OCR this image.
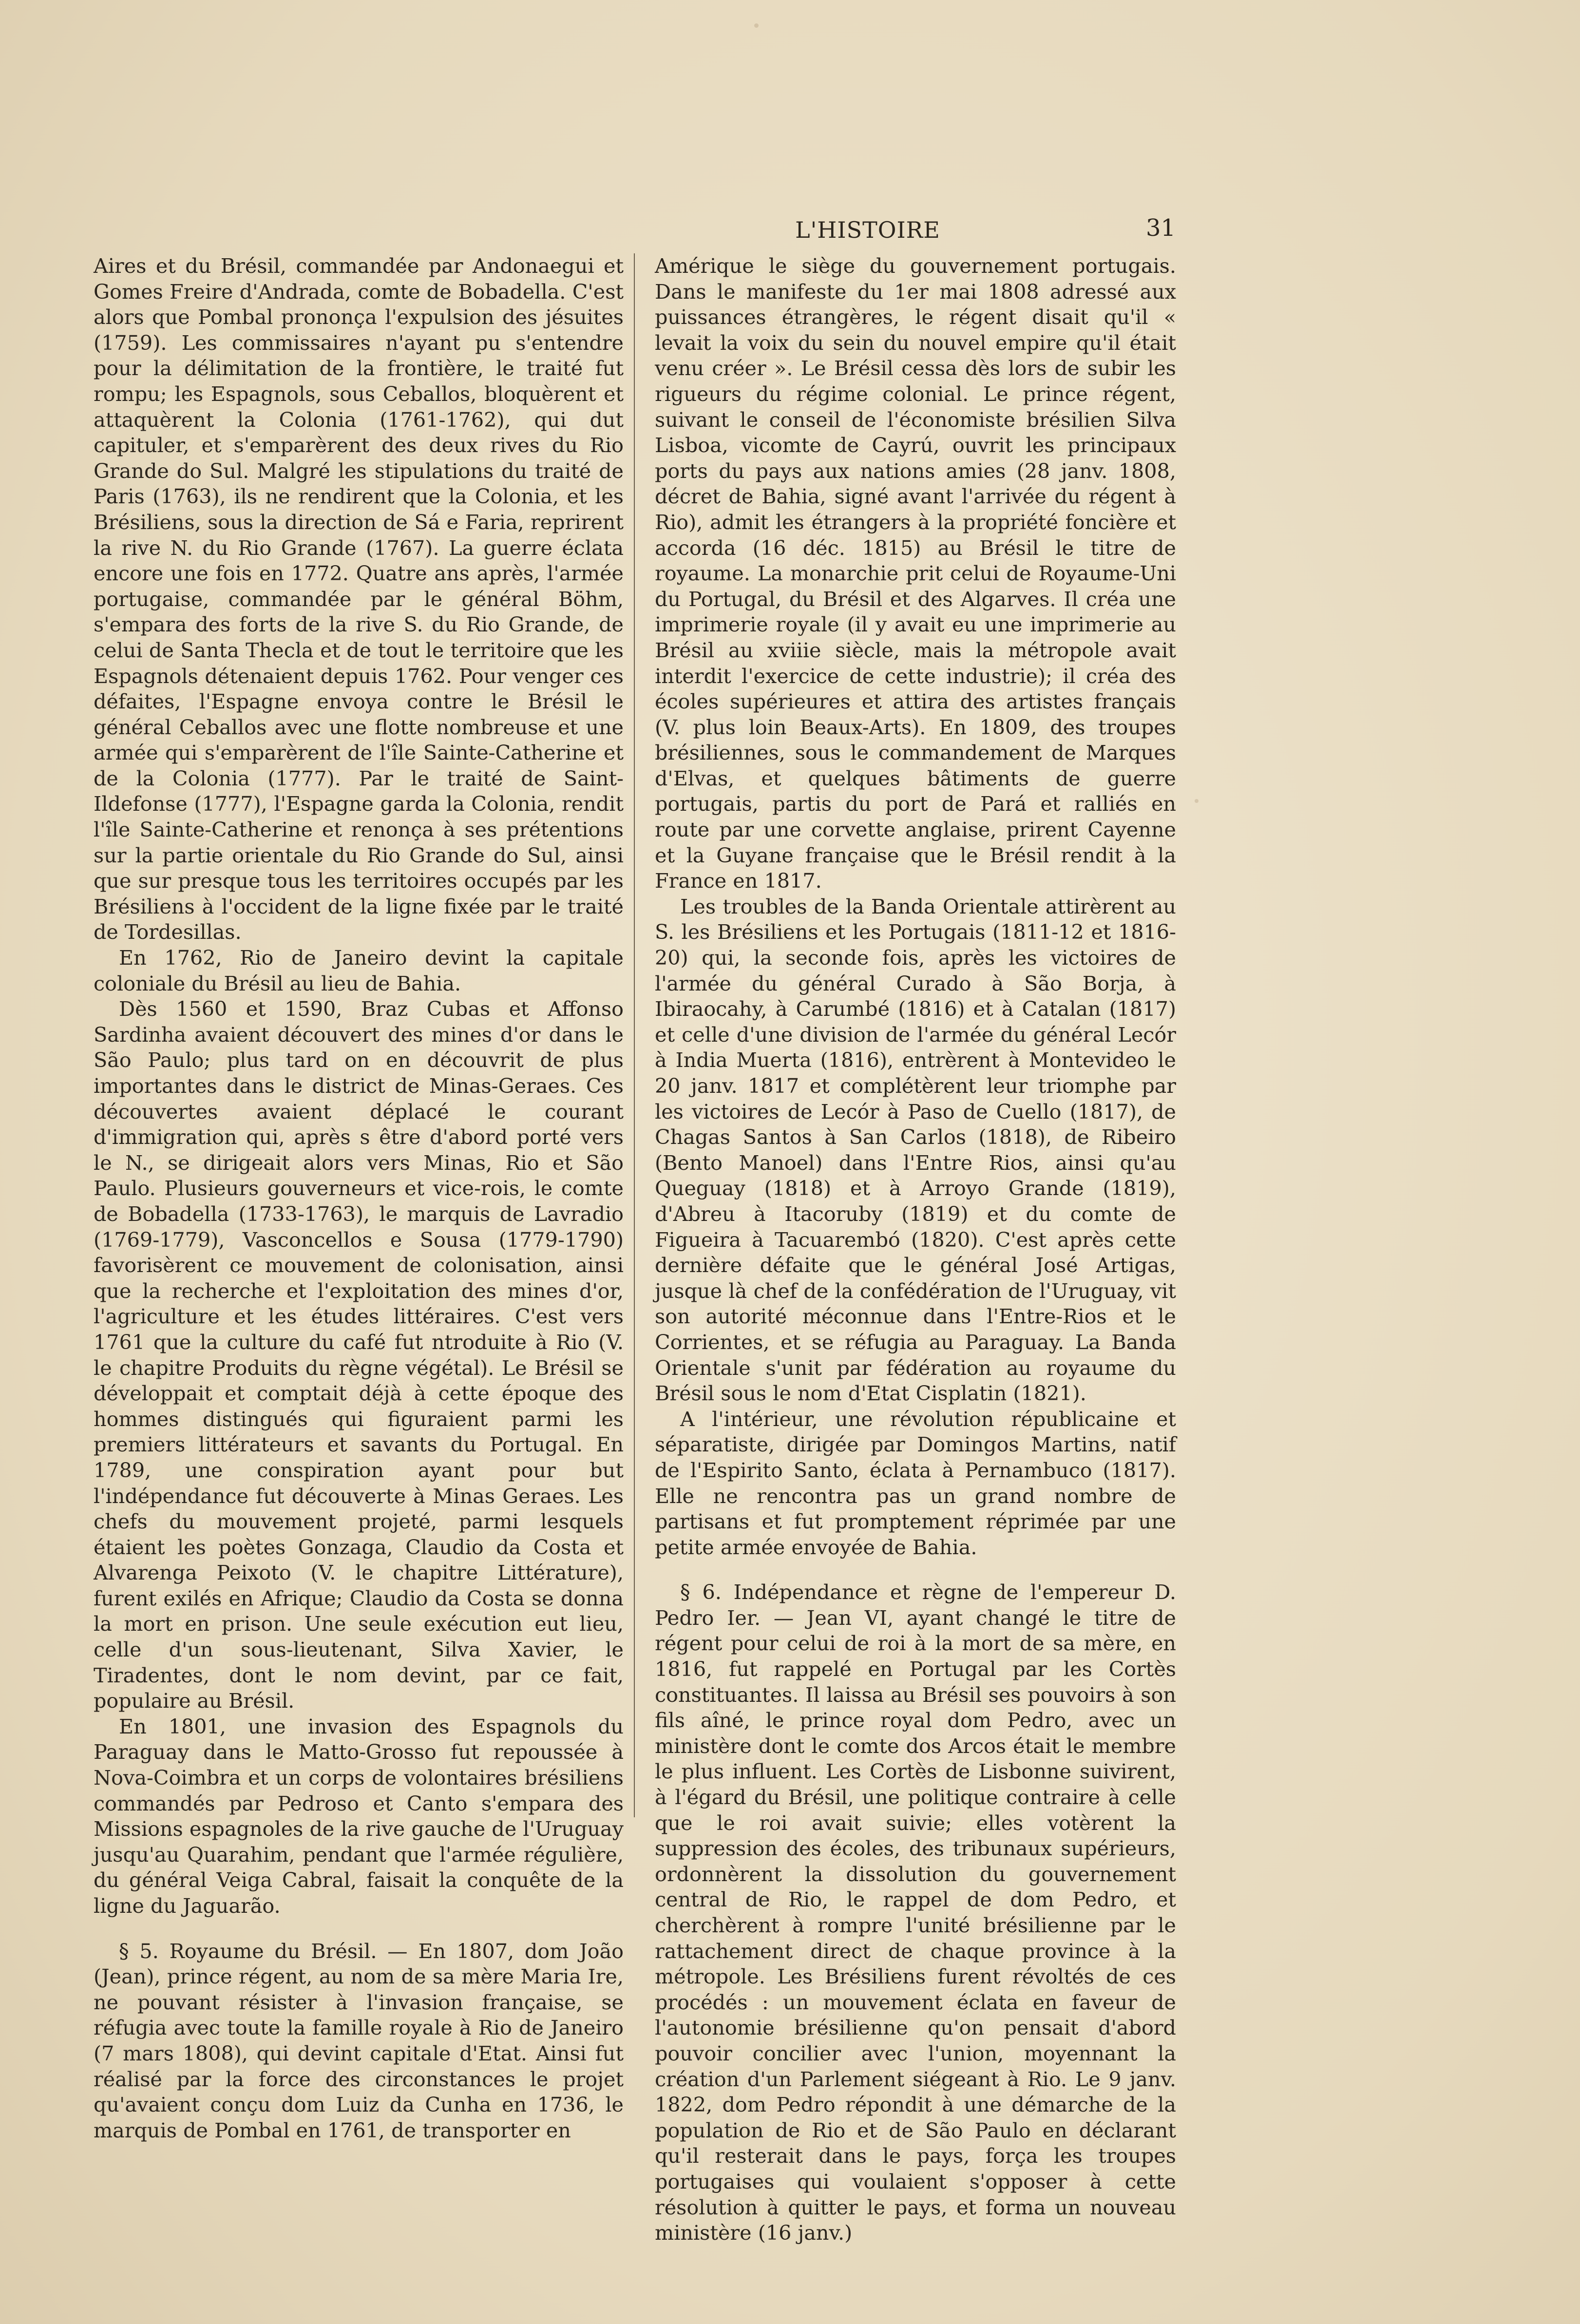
L'HISTOIRE	31

Aires et du Brésil, commandée par Andonaegui et Gomes Freire d'Andrada, comte de Bobadella. C'est alors que Pombal prononça l'expulsion des jésuites (1759). Les commissaires n'ayant pu s'entendre pour la délimitation de la frontière, le traité fut rompu; les Espagnols, sous Ceballos, bloquèrent et attaquèrent la Colonia (1761-1762), qui dut capituler, et s'emparèrent des deux rives du Rio Grande do Sul. Malgré les stipulations du traité de Paris (1763), ils ne rendirent que la Colonia, et les Brésiliens, sous la direction de Sá e Faria, reprirent la rive N. du Rio Grande (1767). La guerre éclata encore une fois en 1772. Quatre ans après, l'armée portugaise, commandée par le général Böhm, s'empara des forts de la rive S. du Rio Grande, de celui de Santa Thecla et de tout le territoire que les Espagnols détenaient depuis 1762. Pour venger ces défaites, l'Espagne envoya contre le Brésil le général Ceballos avec une flotte nombreuse et une armée qui s'emparèrent de l'île Sainte-Catherine et de la Colonia (1777). Par le traité de Saint-Ildefonse (1777), l'Espagne garda la Colonia, rendit l'île Sainte-Catherine et renonça à ses prétentions sur la partie orientale du Rio Grande do Sul, ainsi que sur presque tous les territoires occupés par les Brésiliens à l'occident de la ligne fixée par le traité de Tordesillas.

En 1762, Rio de Janeiro devint la capitale coloniale du Brésil au lieu de Bahia.

Dès 1560 et 1590, Braz Cubas et Affonso Sardinha avaient découvert des mines d'or dans le São Paulo; plus tard on en découvrit de plus importantes dans le district de Minas-Geraes. Ces découvertes avaient déplacé le courant d'immigration qui, après s être d'abord porté vers le N., se dirigeait alors vers Minas, Rio et São Paulo. Plusieurs gouverneurs et vice-rois, le comte de Bobadella (1733-1763), le marquis de Lavradio (1769-1779), Vasconcellos e Sousa (1779-1790) favorisèrent ce mouvement de colonisation, ainsi que la recherche et l'exploitation des mines d'or, l'agriculture et les études littéraires. C'est vers 1761 que la culture du café fut ntroduite à Rio (V. le chapitre Produits du règne végétal). Le Brésil se développait et comptait déjà à cette époque des hommes distingués qui figuraient parmi les premiers littérateurs et savants du Portugal. En 1789, une conspiration ayant pour but l'indépendance fut découverte à Minas Geraes. Les chefs du mouvement projeté, parmi lesquels étaient les poètes Gonzaga, Claudio da Costa et Alvarenga Peixoto (V. le chapitre Littérature), furent exilés en Afrique; Claudio da Costa se donna la mort en prison. Une seule exécution eut lieu, celle d'un sous-lieutenant, Silva Xavier, le Tiradentes, dont le nom devint, par ce fait, populaire au Brésil.

En 1801, une invasion des Espagnols du Paraguay dans le Matto-Grosso fut repoussée à Nova-Coimbra et un corps de volontaires brésiliens commandés par Pedroso et Canto s'empara des Missions espagnoles de la rive gauche de l'Uruguay jusqu'au Quarahim, pendant que l'armée régulière, du général Veiga Cabral, faisait la conquête de la ligne du Jaguarão.

§ 5. Royaume du Brésil. — En 1807, dom João (Jean), prince régent, au nom de sa mère Maria Ire, ne pouvant résister à l'invasion française, se réfugia avec toute la famille royale à Rio de Janeiro (7 mars 1808), qui devint capitale d'Etat. Ainsi fut réalisé par la force des circonstances le projet qu'avaient conçu dom Luiz da Cunha en 1736, le marquis de Pombal en 1761, de transporter en

Amérique le siège du gouvernement portugais. Dans le manifeste du 1er mai 1808 adressé aux puissances étrangères, le régent disait qu'il « levait la voix du sein du nouvel empire qu'il était venu créer ». Le Brésil cessa dès lors de subir les rigueurs du régime colonial. Le prince régent, suivant le conseil de l'économiste brésilien Silva Lisboa, vicomte de Cayrú, ouvrit les principaux ports du pays aux nations amies (28 janv. 1808, décret de Bahia, signé avant l'arrivée du régent à Rio), admit les étrangers à la propriété foncière et accorda (16 déc. 1815) au Brésil le titre de royaume. La monarchie prit celui de Royaume-Uni du Portugal, du Brésil et des Algarves. Il créa une imprimerie royale (il y avait eu une imprimerie au Brésil au xviiie siècle, mais la métropole avait interdit l'exercice de cette industrie); il créa des écoles supérieures et attira des artistes français (V. plus loin Beaux-Arts). En 1809, des troupes brésiliennes, sous le commandement de Marques d'Elvas, et quelques bâtiments de guerre portugais, partis du port de Pará et ralliés en route par une corvette anglaise, prirent Cayenne et la Guyane française que le Brésil rendit à la France en 1817.

Les troubles de la Banda Orientale attirèrent au S. les Brésiliens et les Portugais (1811-12 et 1816-20) qui, la seconde fois, après les victoires de l'armée du général Curado à São Borja, à Ibiraocahy, à Carumbé (1816) et à Catalan (1817) et celle d'une division de l'armée du général Lecór à India Muerta (1816), entrèrent à Montevideo le 20 janv. 1817 et complétèrent leur triomphe par les victoires de Lecór à Paso de Cuello (1817), de Chagas Santos à San Carlos (1818), de Ribeiro (Bento Manoel) dans l'Entre Rios, ainsi qu'au Queguay (1818) et à Arroyo Grande (1819), d'Abreu à Itacoruby (1819) et du comte de Figueira à Tacuarembó (1820). C'est après cette dernière défaite que le général José Artigas, jusque là chef de la confédération de l'Uruguay, vit son autorité méconnue dans l'Entre-Rios et le Corrientes, et se réfugia au Paraguay. La Banda Orientale s'unit par fédération au royaume du Brésil sous le nom d'Etat Cisplatin (1821).

A l'intérieur, une révolution républicaine et séparatiste, dirigée par Domingos Martins, natif de l'Espirito Santo, éclata à Pernambuco (1817). Elle ne rencontra pas un grand nombre de partisans et fut promptement réprimée par une petite armée envoyée de Bahia.

§ 6. Indépendance et règne de l'empereur D. Pedro Ier. — Jean VI, ayant changé le titre de régent pour celui de roi à la mort de sa mère, en 1816, fut rappelé en Portugal par les Cortès constituantes. Il laissa au Brésil ses pouvoirs à son fils aîné, le prince royal dom Pedro, avec un ministère dont le comte dos Arcos était le membre le plus influent. Les Cortès de Lisbonne suivirent, à l'égard du Brésil, une politique contraire à celle que le roi avait suivie; elles votèrent la suppression des écoles, des tribunaux supérieurs, ordonnèrent la dissolution du gouvernement central de Rio, le rappel de dom Pedro, et cherchèrent à rompre l'unité brésilienne par le rattachement direct de chaque province à la métropole. Les Brésiliens furent révoltés de ces procédés : un mouvement éclata en faveur de l'autonomie brésilienne qu'on pensait d'abord pouvoir concilier avec l'union, moyennant la création d'un Parlement siégeant à Rio. Le 9 janv. 1822, dom Pedro répondit à une démarche de la population de Rio et de São Paulo en déclarant qu'il resterait dans le pays, força les troupes portugaises qui voulaient s'opposer à cette résolution à quitter le pays, et forma un nouveau ministère (16 janv.)
